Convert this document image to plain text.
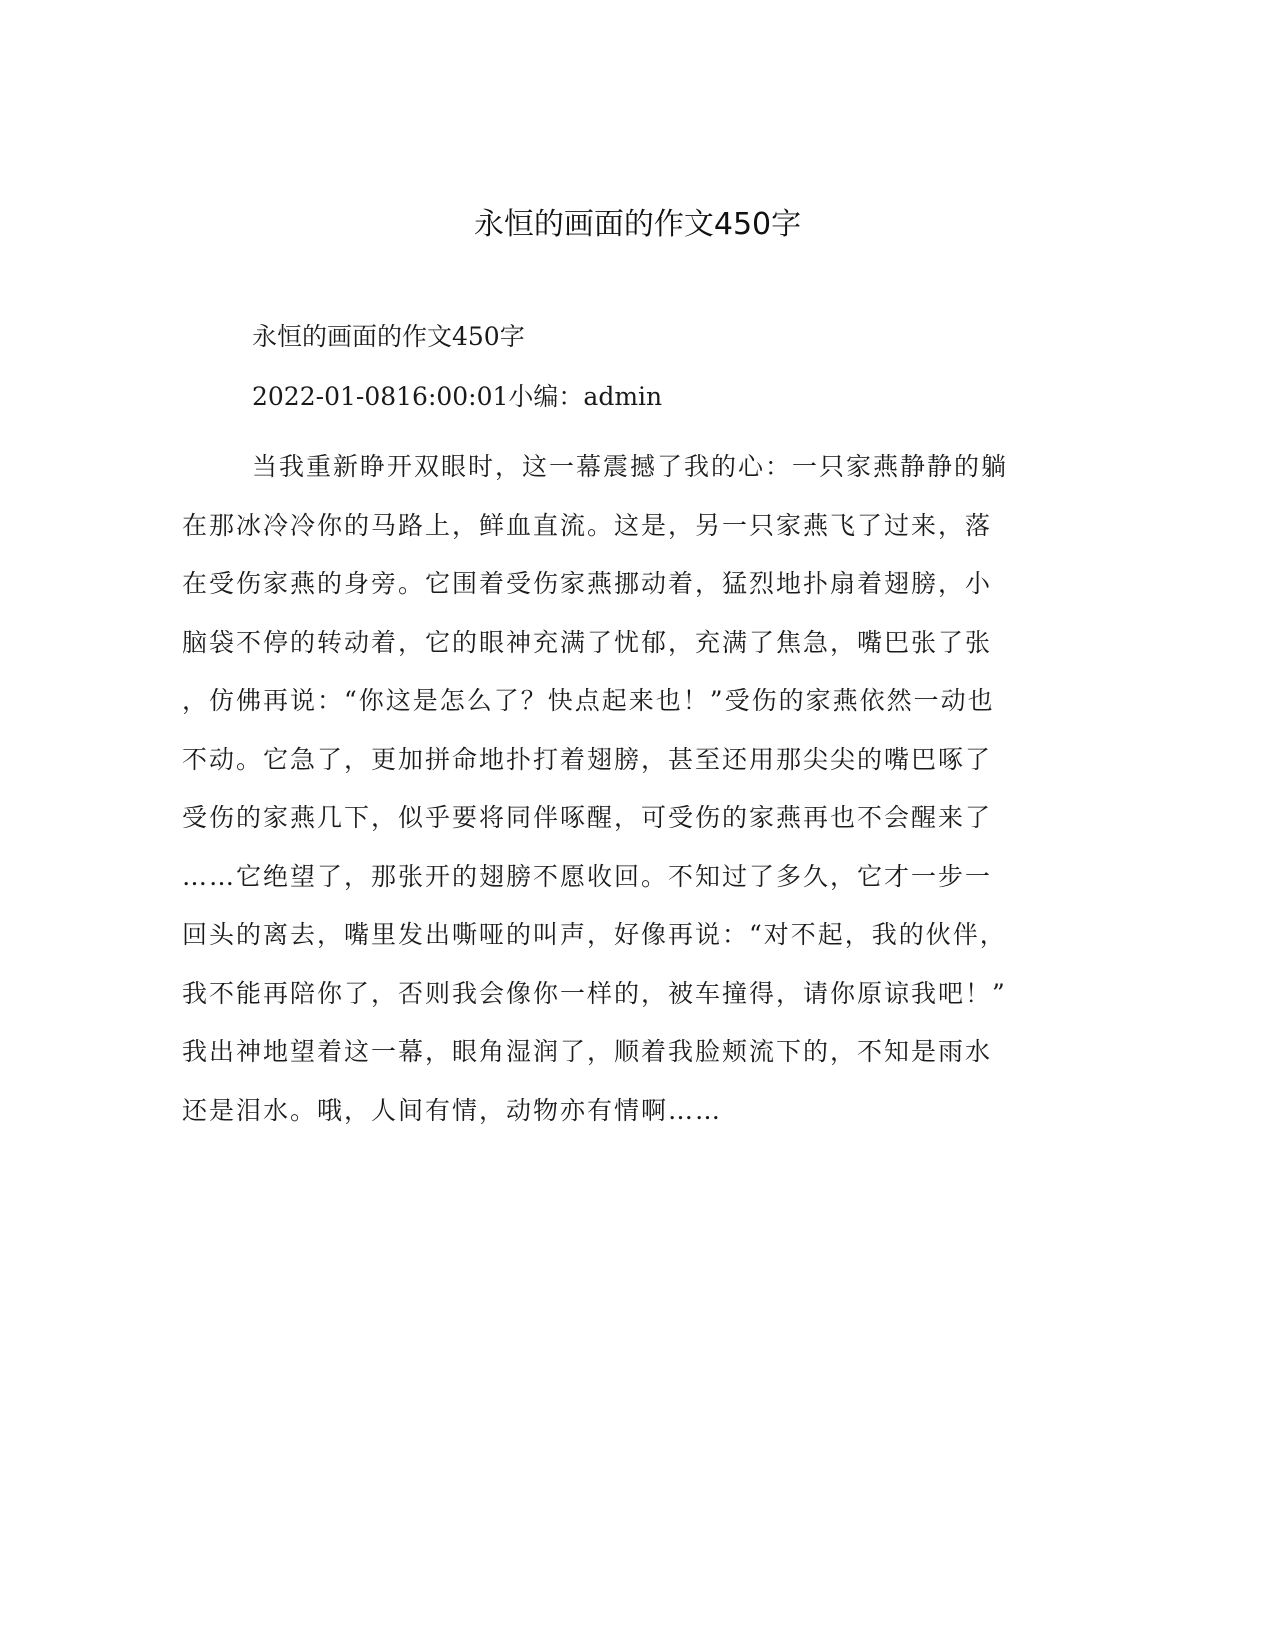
永恒的画面的作文450字

永恒的画面的作文450字

2022-01-0816:00:01小编：admin

当我重新睁开双眼时，这一幕震撼了我的心：一只家燕静静的躺
在那冰冷冷你的马路上，鲜血直流。这是，另一只家燕飞了过来，落
在受伤家燕的身旁。它围着受伤家燕挪动着，猛烈地扑扇着翅膀，小
脑袋不停的转动着，它的眼神充满了忧郁，充满了焦急，嘴巴张了张
，仿佛再说：“你这是怎么了？快点起来也！”受伤的家燕依然一动也
不动。它急了，更加拼命地扑打着翅膀，甚至还用那尖尖的嘴巴啄了
受伤的家燕几下，似乎要将同伴啄醒，可受伤的家燕再也不会醒来了
……它绝望了，那张开的翅膀不愿收回。不知过了多久，它才一步一
回头的离去，嘴里发出嘶哑的叫声，好像再说：“对不起，我的伙伴，
我不能再陪你了，否则我会像你一样的，被车撞得，请你原谅我吧！”
我出神地望着这一幕，眼角湿润了，顺着我脸颊流下的，不知是雨水
还是泪水。哦，人间有情，动物亦有情啊……
